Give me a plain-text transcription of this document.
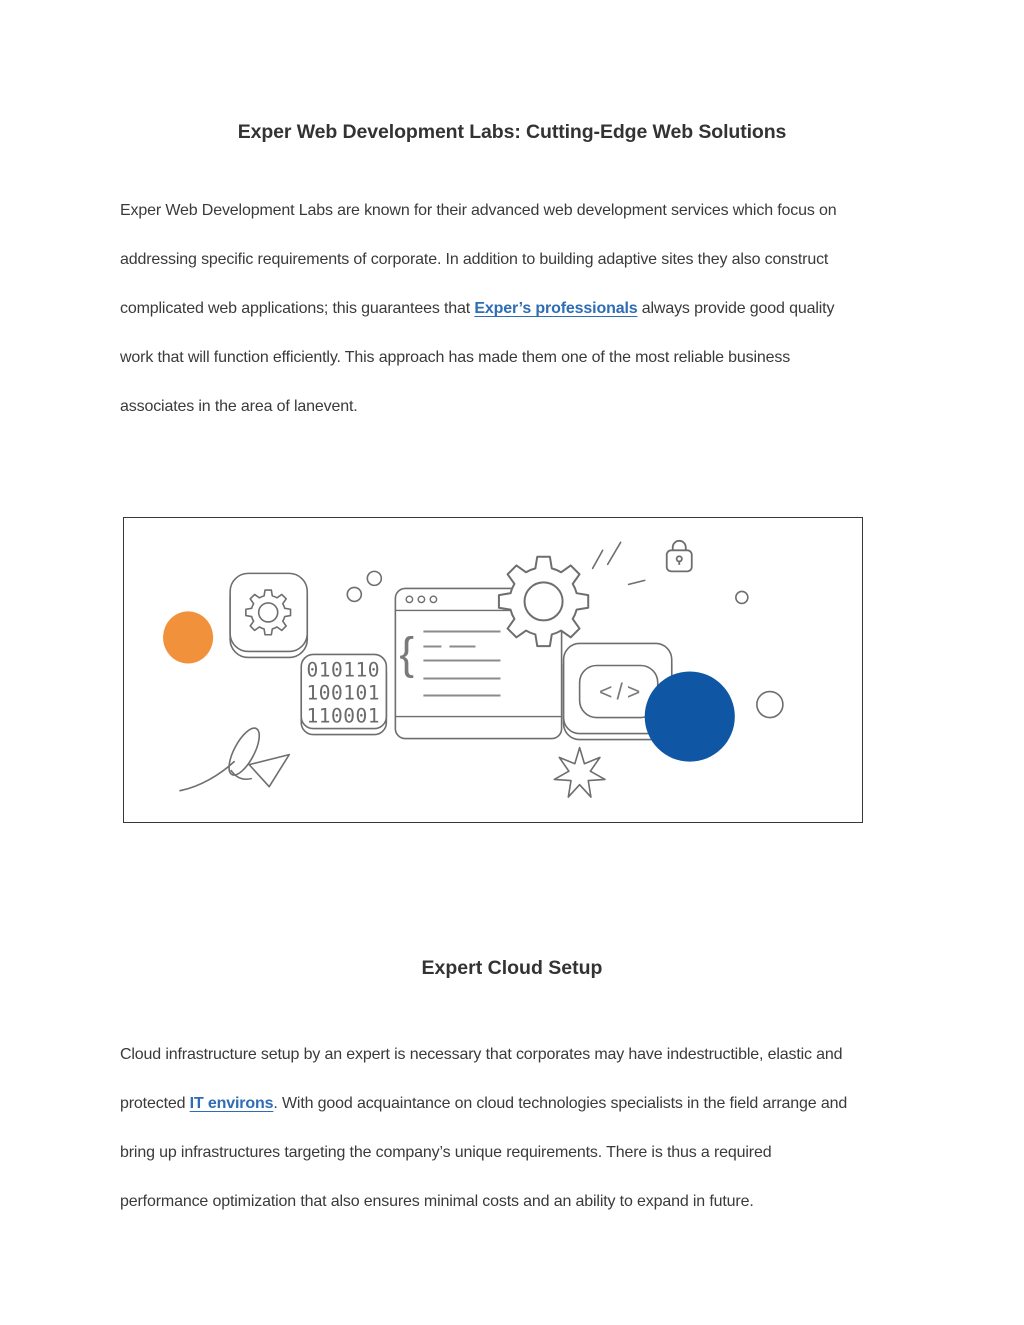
Exper Web Development Labs: Cutting-Edge Web Solutions
Exper Web Development Labs are known for their advanced web development services which focus on
addressing specific requirements of corporate. In addition to building adaptive sites they also construct
complicated web applications; this guarantees that Exper’s professionals always provide good quality
work that will function efficiently. This approach has made them one of the most reliable business
associates in the area of lanevent.
010110
100101
110001
{
</>
Expert Cloud Setup
Cloud infrastructure setup by an expert is necessary that corporates may have indestructible, elastic and
protected IT environs. With good acquaintance on cloud technologies specialists in the field arrange and
bring up infrastructures targeting the company’s unique requirements. There is thus a required
performance optimization that also ensures minimal costs and an ability to expand in future.
